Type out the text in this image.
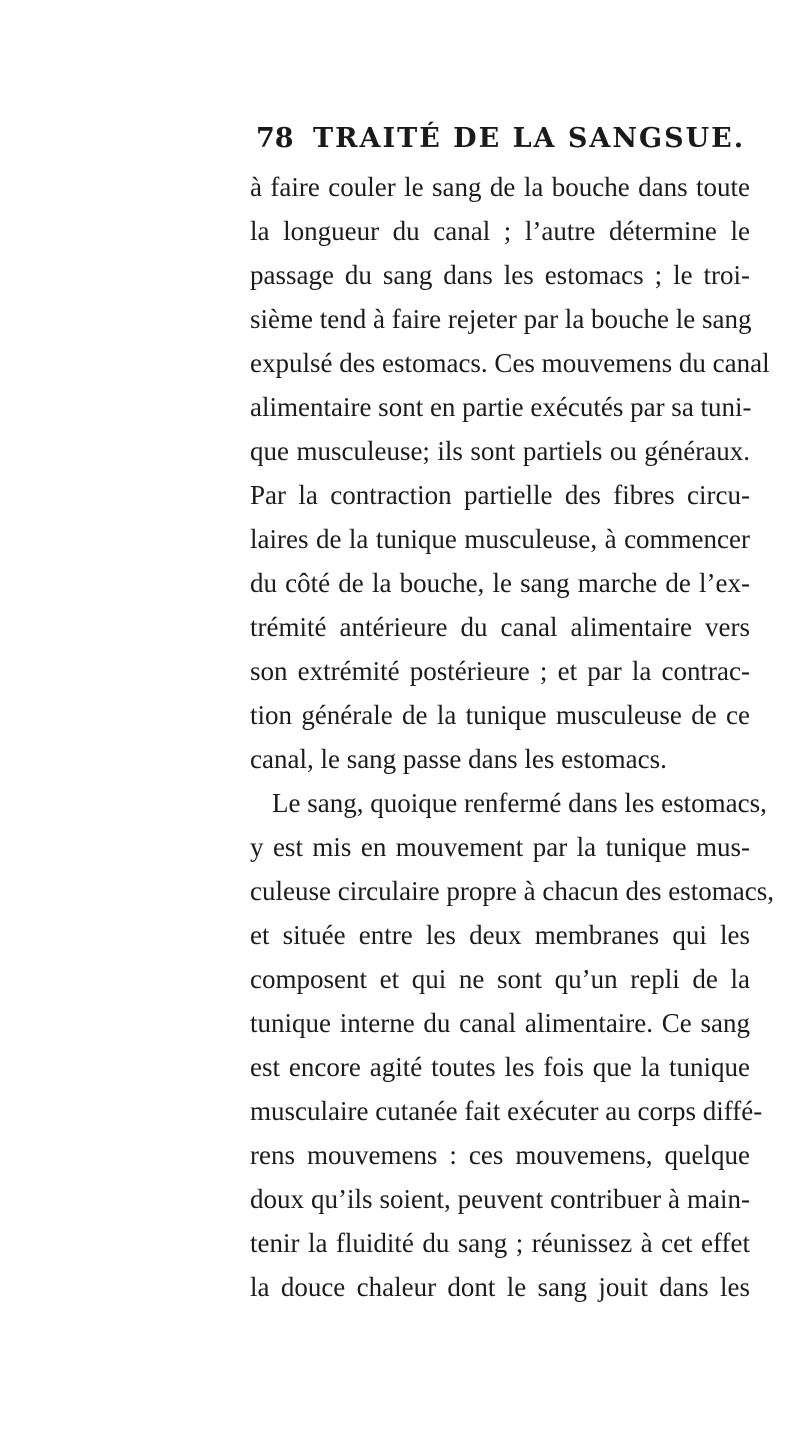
78 TRAITÉ DE LA SANGSUE.
à faire couler le sang de la bouche dans toute
la longueur du canal ; l’autre détermine le
passage du sang dans les estomacs ; le troi-
sième tend à faire rejeter par la bouche le sang
expulsé des estomacs. Ces mouvemens du canal
alimentaire sont en partie exécutés par sa tuni-
que musculeuse; ils sont partiels ou généraux.
Par la contraction partielle des fibres circu-
laires de la tunique musculeuse, à commencer
du côté de la bouche, le sang marche de l’ex-
trémité antérieure du canal alimentaire vers
son extrémité postérieure ; et par la contrac-
tion générale de la tunique musculeuse de ce
canal, le sang passe dans les estomacs.
Le sang, quoique renfermé dans les estomacs,
y est mis en mouvement par la tunique mus-
culeuse circulaire propre à chacun des estomacs,
et située entre les deux membranes qui les
composent et qui ne sont qu’un repli de la
tunique interne du canal alimentaire. Ce sang
est encore agité toutes les fois que la tunique
musculaire cutanée fait exécuter au corps diffé-
rens mouvemens : ces mouvemens, quelque
doux qu’ils soient, peuvent contribuer à main-
tenir la fluidité du sang ; réunissez à cet effet
la douce chaleur dont le sang jouit dans les
